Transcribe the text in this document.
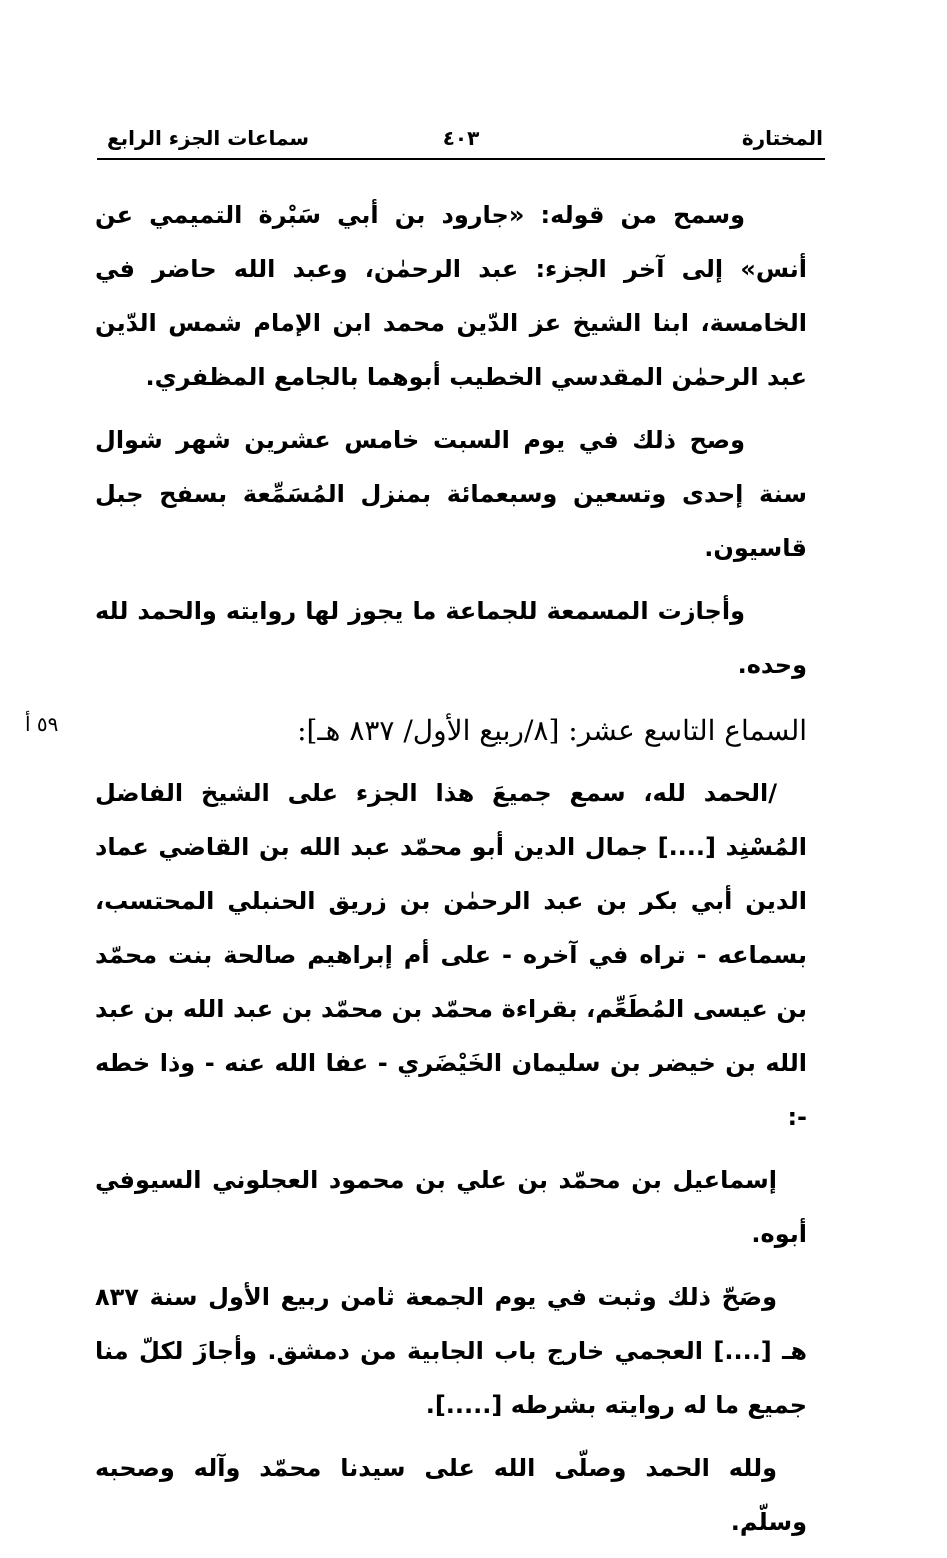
المختارة
٤٠٣
سماعات الجزء الرابع
٥٩ أ

وسمح من قوله: «جارود بن أبي سَبْرة التميمي عن أنس» إلى آخر الجزء: عبد الرحمٰن، وعبد الله حاضر في الخامسة، ابنا الشيخ عز الدّين محمد ابن الإمام شمس الدّين عبد الرحمٰن المقدسي الخطيب أبوهما بالجامع المظفري.

وصح ذلك في يوم السبت خامس عشرين شهر شوال سنة إحدى وتسعين وسبعمائة بمنزل المُسَمِّعة بسفح جبل قاسيون.

وأجازت المسمعة للجماعة ما يجوز لها روايته والحمد لله وحده.

السماع التاسع عشر: [٨/ربيع الأول/ ٨٣٧ هـ]:

/الحمد لله، سمع جميعَ هذا الجزء على الشيخ الفاضل المُسْنِد [....] جمال الدين أبو محمّد عبد الله بن القاضي عماد الدين أبي بكر بن عبد الرحمٰن بن زريق الحنبلي المحتسب، بسماعه - تراه في آخره - على أم إبراهيم صالحة بنت محمّد بن عيسى المُطَعِّم، بقراءة محمّد بن محمّد بن عبد الله بن عبد الله بن خيضر بن سليمان الخَيْضَري - عفا الله عنه - وذا خطه -:

إسماعيل بن محمّد بن علي بن محمود العجلوني السيوفي أبوه.

وصَحّ ذلك وثبت في يوم الجمعة ثامن ربيع الأول سنة ٨٣٧ هـ [....] العجمي خارج باب الجابية من دمشق. وأجازَ لكلّ منا جميع ما له روايته بشرطه [.....].

ولله الحمد وصلّى الله على سيدنا محمّد وآله وصحبه وسلّم.
